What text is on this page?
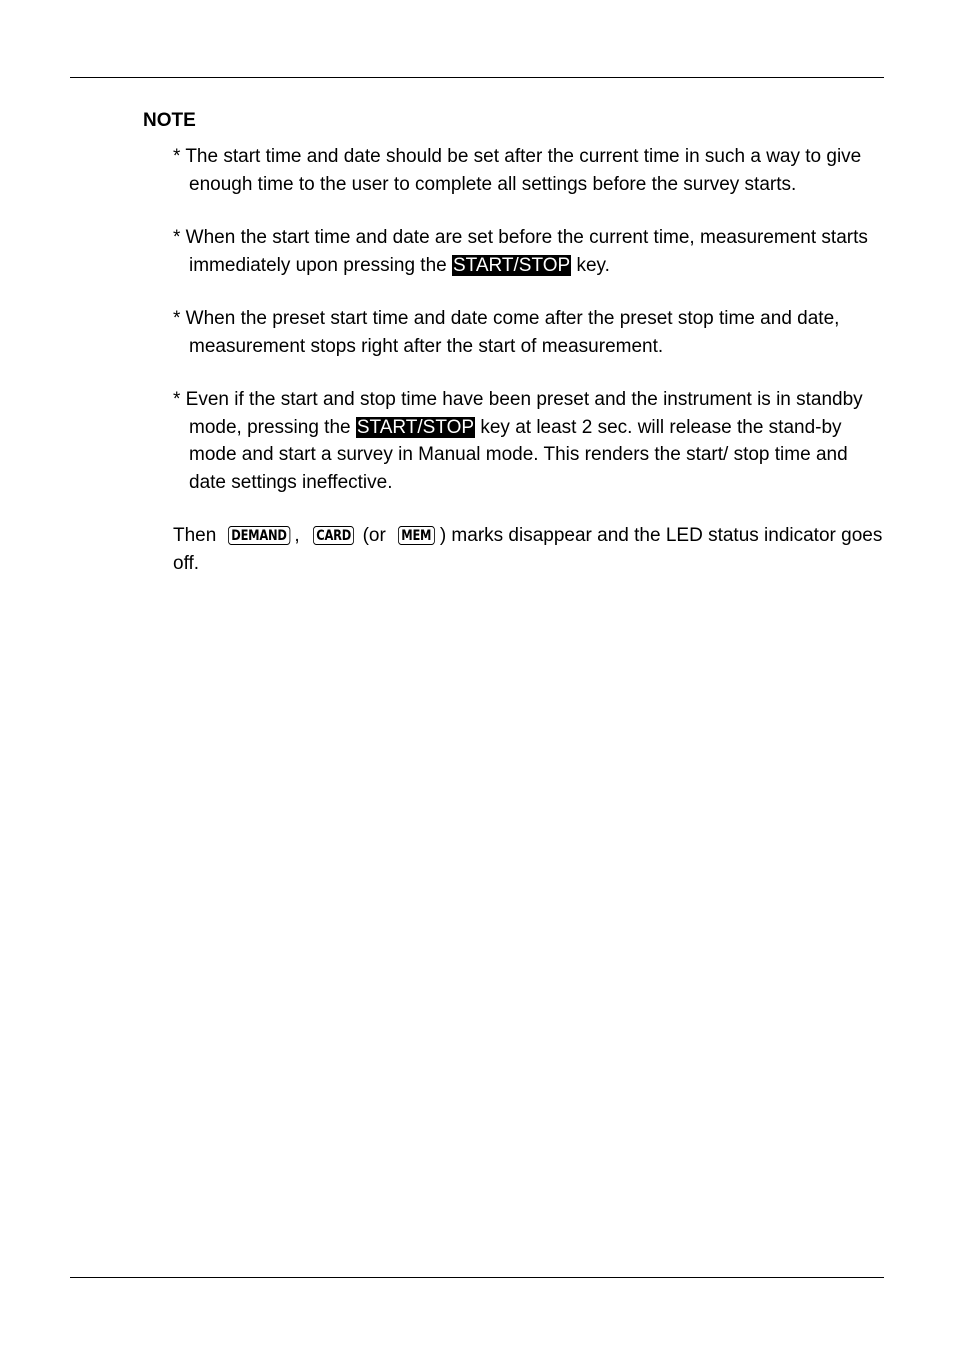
NOTE

* The start time and date should be set after the current time in such a way to give enough time to the user to complete all settings before the survey starts.

* When the start time and date are set before the current time, measurement starts immediately upon pressing the START/STOP key.

* When the preset start time and date come after the preset stop time and date, measurement stops right after the start of measurement.

* Even if the start and stop time have been preset and the instrument is in standby mode, pressing the START/STOP key at least 2 sec. will release the stand-by mode and start a survey in Manual mode. This renders the start/ stop time and date settings ineffective.

Then DEMAND , CARD (or MEM ) marks disappear and the LED status indicator goes off.
